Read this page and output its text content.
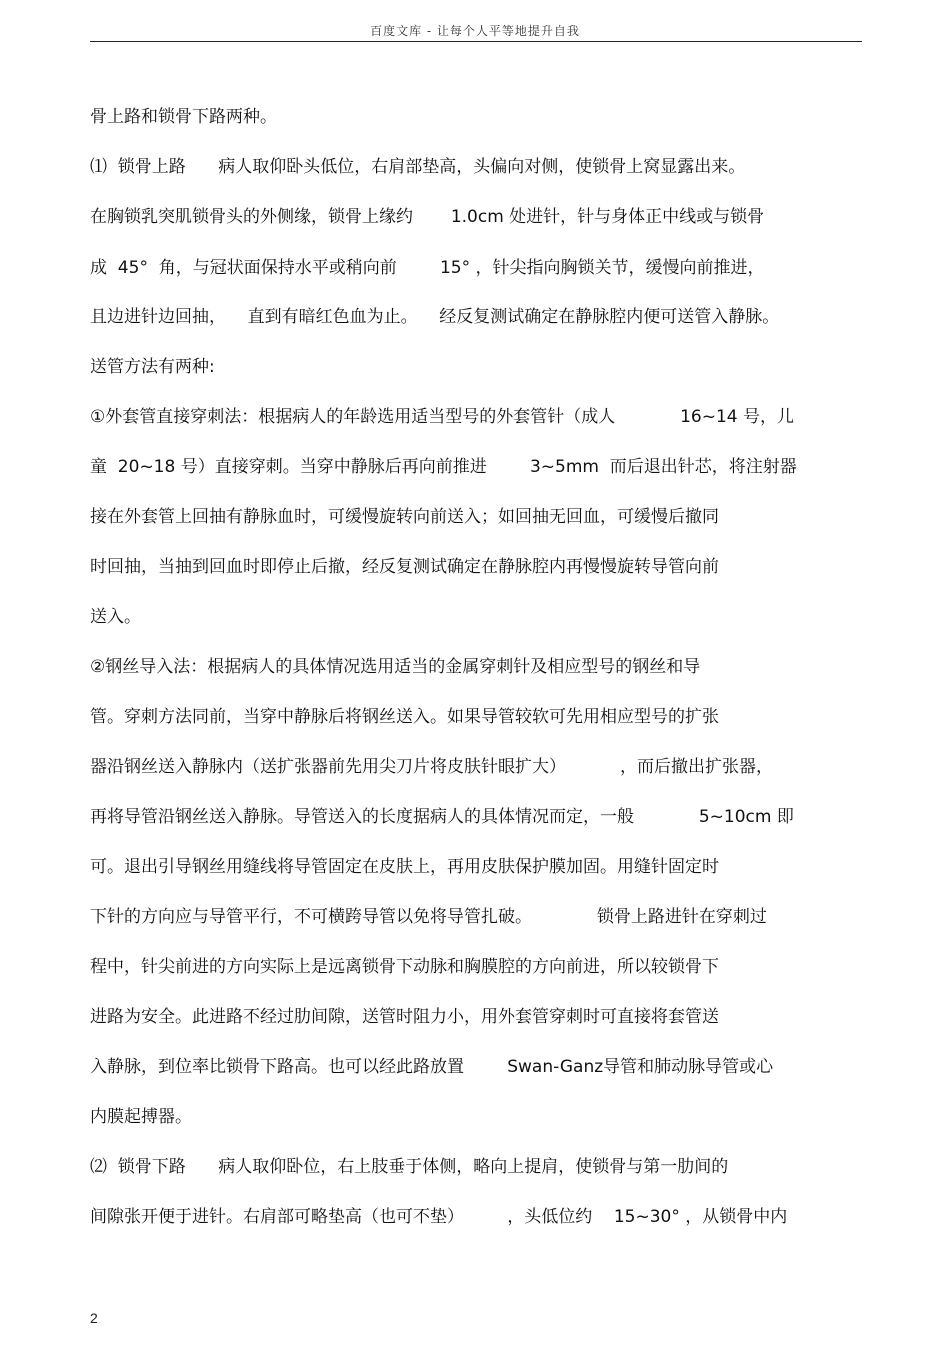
百度文库 - 让每个人平等地提升自我
骨上路和锁骨下路两种。
⑴  锁骨上路      病人取仰卧头低位，右肩部垫高，头偏向对侧，使锁骨上窝显露出来。
在胸锁乳突肌锁骨头的外侧缘，锁骨上缘约       1.0cm 处进针，针与身体正中线或与锁骨
成  45°  角，与冠状面保持水平或稍向前        15° ，针尖指向胸锁关节，缓慢向前推进，
且边进针边回抽，    直到有暗红色血为止。    经反复测试确定在静脉腔内便可送管入静脉。
送管方法有两种:
①外套管直接穿刺法：根据病人的年龄选用适当型号的外套管针（成人            16~14 号，儿
童  20~18 号）直接穿刺。当穿中静脉后再向前推进        3~5mm  而后退出针芯，将注射器
接在外套管上回抽有静脉血时，可缓慢旋转向前送入；如回抽无回血，可缓慢后撤同
时回抽，当抽到回血时即停止后撤，经反复测试确定在静脉腔内再慢慢旋转导管向前
送入。
②钢丝导入法：根据病人的具体情况选用适当的金属穿刺针及相应型号的钢丝和导
管。穿刺方法同前，当穿中静脉后将钢丝送入。如果导管较软可先用相应型号的扩张
器沿钢丝送入静脉内（送扩张器前先用尖刀片将皮肤针眼扩大）          ，而后撤出扩张器，
再将导管沿钢丝送入静脉。导管送入的长度据病人的具体情况而定，一般            5~10cm 即
可。退出引导钢丝用缝线将导管固定在皮肤上，再用皮肤保护膜加固。用缝针固定时
下针的方向应与导管平行，不可横跨导管以免将导管扎破。            锁骨上路进针在穿刺过
程中，针尖前进的方向实际上是远离锁骨下动脉和胸膜腔的方向前进，所以较锁骨下
进路为安全。此进路不经过肋间隙，送管时阻力小，用外套管穿刺时可直接将套管送
入静脉，到位率比锁骨下路高。也可以经此路放置        Swan-Ganz导管和肺动脉导管或心
内膜起搏器。
⑵  锁骨下路      病人取仰卧位，右上肢垂于体侧，略向上提肩，使锁骨与第一肋间的
间隙张开便于进针。右肩部可略垫高（也可不垫）        ，头低位约    15~30° ，从锁骨中内
2
